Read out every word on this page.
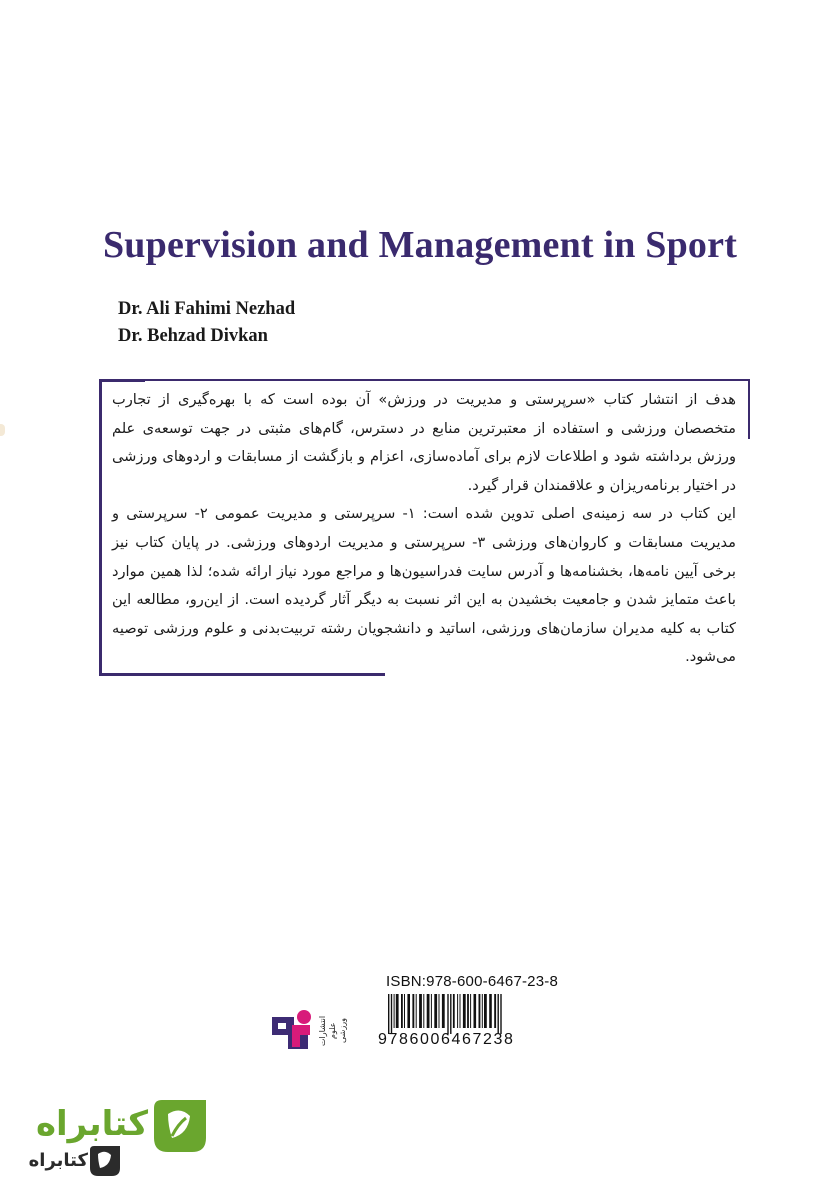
Supervision and Management in Sport
Dr. Ali Fahimi Nezhad
Dr. Behzad Divkan

هدف از انتشار کتاب «سرپرستی و مدیریت در ورزش» آن بوده است که با بهره‌گیری از تجارب متخصصان ورزشی و استفاده از معتبرترین منابع در دسترس، گام‌های مثبتی در جهت توسعه‌ی علم ورزش برداشته شود و اطلاعات لازم برای آماده‌سازی، اعزام و بازگشت از مسابقات و اردوهای ورزشی در اختیار برنامه‌ریزان و علاقمندان قرار گیرد.

این کتاب در سه زمینه‌ی اصلی تدوین شده است: ۱- سرپرستی و مدیریت عمومی ۲- سرپرستی و مدیریت مسابقات و کاروان‌های ورزشی ۳- سرپرستی و مدیریت اردوهای ورزشی. در پایان کتاب نیز برخی آیین نامه‌ها، بخشنامه‌ها و آدرس سایت فدراسیون‌ها و مراجع مورد نیاز ارائه شده؛ لذا همین موارد باعث متمایز شدن و جامعیت بخشیدن به این اثر نسبت به دیگر آثار گردیده است. از این‌رو، مطالعه این کتاب به کلیه مدیران سازمان‌های ورزشی، اساتید و دانشجویان رشته تربیت‌بدنی و علوم ورزشی توصیه می‌شود.

انتشارات علوم ورزشی
ISBN:978-600-6467-23-8
9786006467238
کتابراه
کتابراه
